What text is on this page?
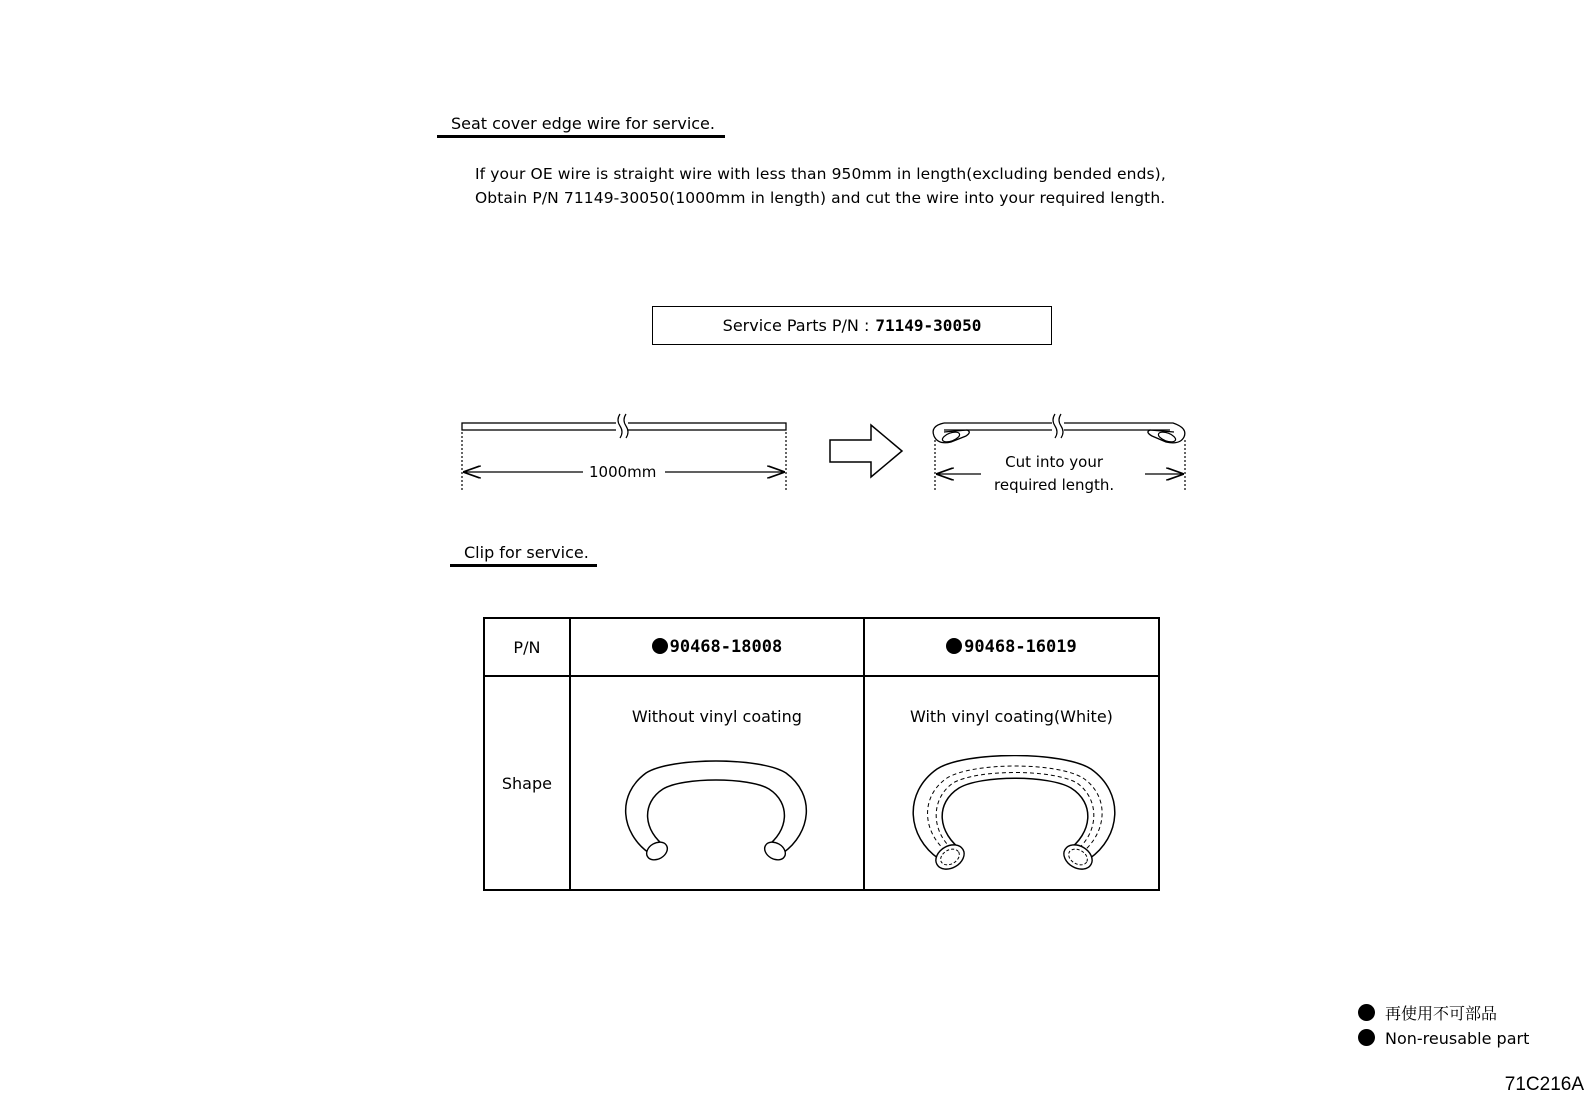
Seat cover edge wire for service.
If your OE wire is straight wire with less than 950mm in length(excluding bended ends),
Obtain P/N 71149-30050(1000mm in length) and cut the wire into your required length.
Service Parts P/N : 71149-30050
1000mm
Cut into your
required length.
Clip for service.
P/N	90468-18008	90468-16019
Shape	Without vinyl coating	With vinyl coating(White)
再使用不可部品
Non-reusable part
71C216A
